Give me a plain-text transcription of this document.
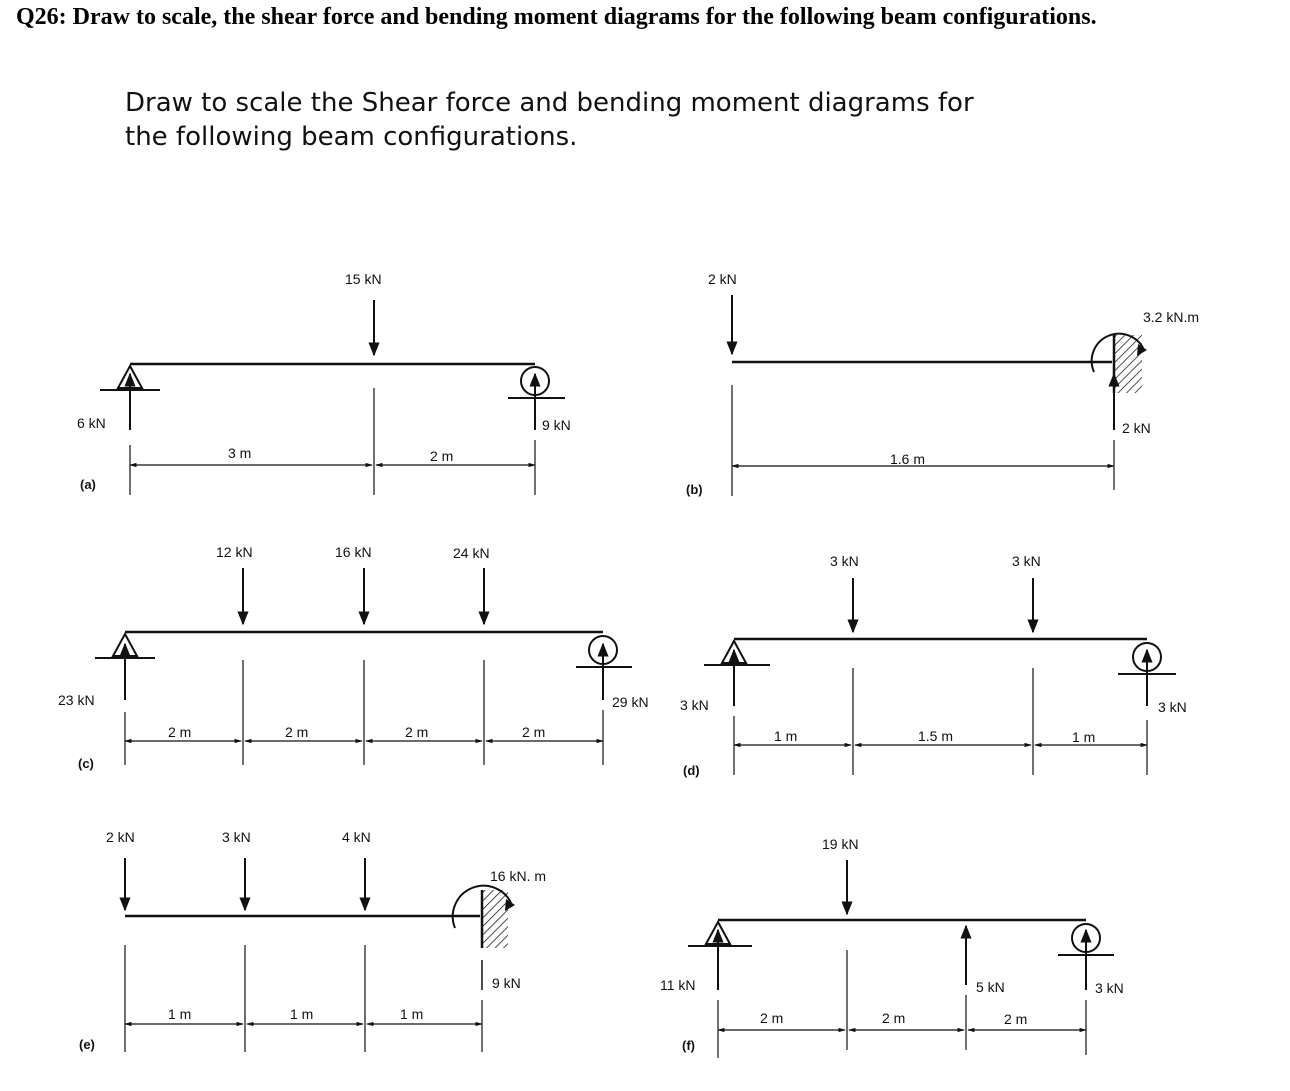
Q26: Draw to scale, the shear force and bending moment diagrams for the following beam configurations.
Draw to scale the Shear force and bending moment diagrams for
the following beam configurations.
15 kN
6 kN	9 kN
3 m	2 m
(a)
2 kN
3.2 kN.m
2 kN
1.6 m
(b)
12 kN	16 kN	24 kN
23 kN	29 kN
2 m	2 m	2 m	2 m
(c)
3 kN	3 kN
3 kN	3 kN
1 m	1.5 m	1 m
(d)
2 kN	3 kN	4 kN
16 kN. m
9 kN
1 m	1 m	1 m
(e)
19 kN
5 kN
11 kN	3 kN
2 m	2 m	2 m
(f)
